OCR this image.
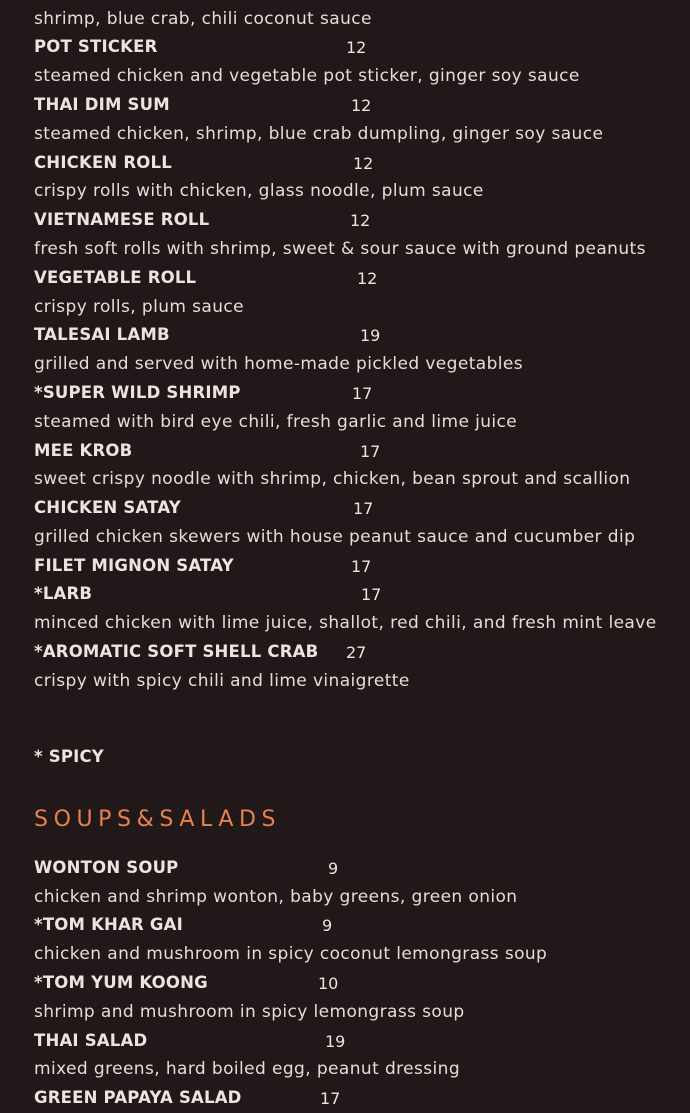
shrimp, blue crab, chili coconut sauce
POT STICKER	12
steamed chicken and vegetable pot sticker, ginger soy sauce
THAI DIM SUM	12
steamed chicken, shrimp, blue crab dumpling, ginger soy sauce
CHICKEN ROLL	12
crispy rolls with chicken, glass noodle, plum sauce
VIETNAMESE ROLL	12
fresh soft rolls with shrimp, sweet & sour sauce with ground peanuts
VEGETABLE ROLL	12
crispy rolls, plum sauce
TALESAI LAMB	19
grilled and served with home-made pickled vegetables
*SUPER WILD SHRIMP	17
steamed with bird eye chili, fresh garlic and lime juice
MEE KROB	17
sweet crispy noodle with shrimp, chicken, bean sprout and scallion
CHICKEN SATAY	17
grilled chicken skewers with house peanut sauce and cucumber dip
FILET MIGNON SATAY	17
*LARB	17
minced chicken with lime juice, shallot, red chili, and fresh mint leave
*AROMATIC SOFT SHELL CRAB 27
crispy with spicy chili and lime vinaigrette
* SPICY
SOUPS&SALADS
WONTON SOUP	9
chicken and shrimp wonton, baby greens, green onion
*TOM KHAR GAI	9
chicken and mushroom in spicy coconut lemongrass soup
*TOM YUM KOONG	10
shrimp and mushroom in spicy lemongrass soup
THAI SALAD	19
mixed greens, hard boiled egg, peanut dressing
GREEN PAPAYA SALAD	17
